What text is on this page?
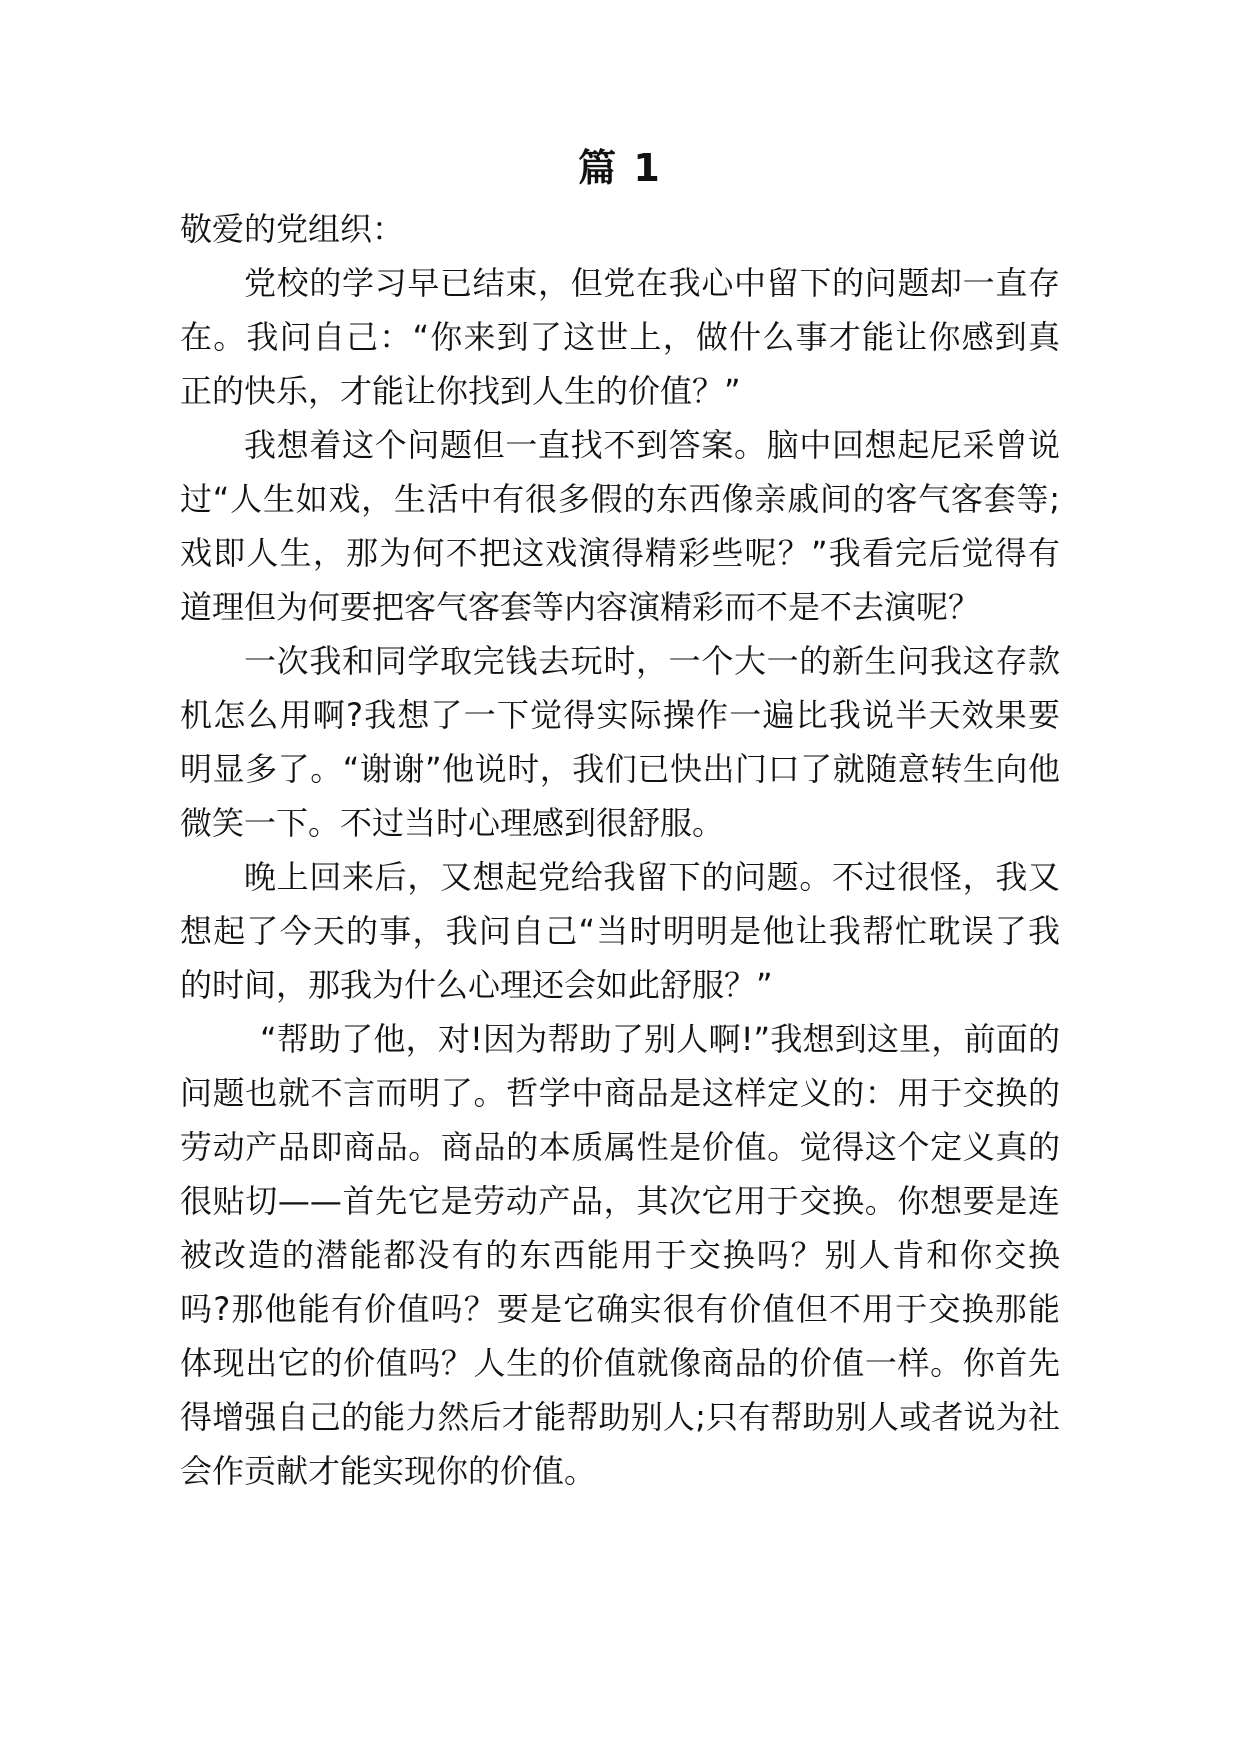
篇 1

敬爱的党组织：

党校的学习早已结束，但党在我心中留下的问题却一直存在。我问自己：“你来到了这世上，做什么事才能让你感到真正的快乐，才能让你找到人生的价值？”

我想着这个问题但一直找不到答案。脑中回想起尼采曾说过“人生如戏，生活中有很多假的东西像亲戚间的客气客套等;戏即人生，那为何不把这戏演得精彩些呢？”我看完后觉得有道理但为何要把客气客套等内容演精彩而不是不去演呢？

一次我和同学取完钱去玩时，一个大一的新生问我这存款机怎么用啊?我想了一下觉得实际操作一遍比我说半天效果要明显多了。“谢谢”他说时，我们已快出门口了就随意转生向他微笑一下。不过当时心理感到很舒服。

晚上回来后，又想起党给我留下的问题。不过很怪，我又想起了今天的事，我问自己“当时明明是他让我帮忙耽误了我的时间，那我为什么心理还会如此舒服？”

“帮助了他，对!因为帮助了别人啊!”我想到这里，前面的问题也就不言而明了。哲学中商品是这样定义的：用于交换的劳动产品即商品。商品的本质属性是价值。觉得这个定义真的很贴切——首先它是劳动产品，其次它用于交换。你想要是连被改造的潜能都没有的东西能用于交换吗？别人肯和你交换吗?那他能有价值吗？要是它确实很有价值但不用于交换那能体现出它的价值吗？人生的价值就像商品的价值一样。你首先得增强自己的能力然后才能帮助别人;只有帮助别人或者说为社会作贡献才能实现你的价值。
